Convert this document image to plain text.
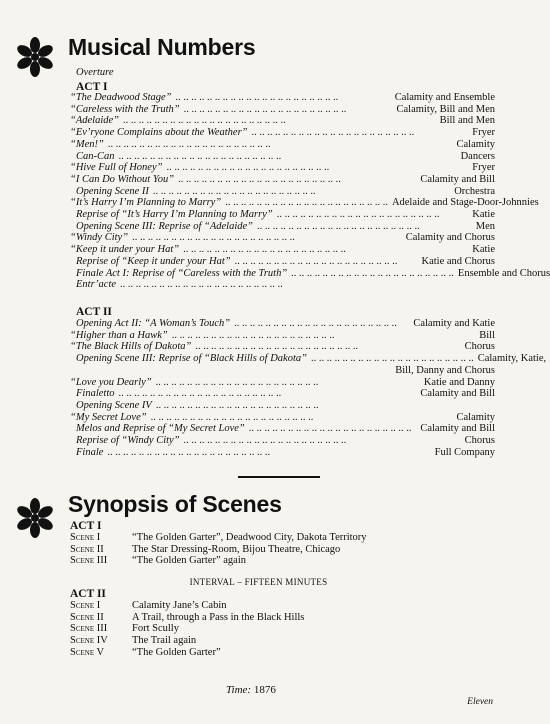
Musical Numbers
Overture
ACT I
“The Deadwood Stage” .. .. .. .. .. .. .. .. .. .. .. .. .. .. .. .. .. .. .. .. ..	Calamity and Ensemble
“Careless with the Truth” .. .. .. .. .. .. .. .. .. .. .. .. .. .. .. .. .. .. .. .. ..	Calamity, Bill and Men
“Adelaide” .. .. .. .. .. .. .. .. .. .. .. .. .. .. .. .. .. .. .. .. ..	Bill and Men
“Ev’ryone Complains about the Weather” .. .. .. .. .. .. .. .. .. .. .. .. .. .. .. .. .. .. .. .. ..	Fryer
“Men!” .. .. .. .. .. .. .. .. .. .. .. .. .. .. .. .. .. .. .. .. ..	Calamity
Can-Can .. .. .. .. .. .. .. .. .. .. .. .. .. .. .. .. .. .. .. .. ..	Dancers
“Hive Full of Honey” .. .. .. .. .. .. .. .. .. .. .. .. .. .. .. .. .. .. .. .. ..	Fryer
“I Can Do Without You” .. .. .. .. .. .. .. .. .. .. .. .. .. .. .. .. .. .. .. .. ..	Calamity and Bill
Opening Scene II .. .. .. .. .. .. .. .. .. .. .. .. .. .. .. .. .. .. .. .. ..	Orchestra
“It’s Harry I’m Planning to Marry” .. .. .. .. .. .. .. .. .. .. .. .. .. .. .. .. .. .. .. .. .. Adelaide and Stage-Door-Johnnies
Reprise of “It’s Harry I’m Planning to Marry” .. .. .. .. .. .. .. .. .. .. .. .. .. .. .. .. .. .. .. .. ..	Katie
Opening Scene III: Reprise of “Adelaide” .. .. .. .. .. .. .. .. .. .. .. .. .. .. .. .. .. .. .. .. ..	Men
“Windy City” .. .. .. .. .. .. .. .. .. .. .. .. .. .. .. .. .. .. .. .. ..	Calamity and Chorus
“Keep it under your Hat” .. .. .. .. .. .. .. .. .. .. .. .. .. .. .. .. .. .. .. .. ..	Katie
Reprise of “Keep it under your Hat” .. .. .. .. .. .. .. .. .. .. .. .. .. .. .. .. .. .. .. .. ..	Katie and Chorus
Finale Act I: Reprise of “Careless with the Truth” .. .. .. .. .. .. .. .. .. .. .. .. .. .. .. .. .. .. .. .. .. Ensemble and Chorus
Entr’acte .. .. .. .. .. .. .. .. .. .. .. .. .. .. .. .. .. .. .. .. ..
ACT II
Opening Act II: “A Woman’s Touch” .. .. .. .. .. .. .. .. .. .. .. .. .. .. .. .. .. .. .. .. ..	Calamity and Katie
“Higher than a Hawk” .. .. .. .. .. .. .. .. .. .. .. .. .. .. .. .. .. .. .. .. ..	Bill
“The Black Hills of Dakota” .. .. .. .. .. .. .. .. .. .. .. .. .. .. .. .. .. .. .. .. ..	Chorus
Opening Scene III: Reprise of “Black Hills of Dakota” .. .. .. .. .. .. .. .. .. .. .. .. .. .. .. .. .. .. .. .. .. Calamity, Katie,
Bill, Danny and Chorus
“Love you Dearly” .. .. .. .. .. .. .. .. .. .. .. .. .. .. .. .. .. .. .. .. ..	Katie and Danny
Finaletto .. .. .. .. .. .. .. .. .. .. .. .. .. .. .. .. .. .. .. .. ..	Calamity and Bill
Opening Scene IV .. .. .. .. .. .. .. .. .. .. .. .. .. .. .. .. .. .. .. .. ..
“My Secret Love” .. .. .. .. .. .. .. .. .. .. .. .. .. .. .. .. .. .. .. .. ..	Calamity
Melos and Reprise of “My Secret Love” .. .. .. .. .. .. .. .. .. .. .. .. .. .. .. .. .. .. .. .. .. Calamity and Bill
Reprise of “Windy City” .. .. .. .. .. .. .. .. .. .. .. .. .. .. .. .. .. .. .. .. ..	Chorus
Finale .. .. .. .. .. .. .. .. .. .. .. .. .. .. .. .. .. .. .. .. ..	Full Company
Synopsis of Scenes
ACT I
Scene I	“The Golden Garter”, Deadwood City, Dakota Territory
Scene II	The Star Dressing-Room, Bijou Theatre, Chicago
Scene III “The Golden Garter” again
INTERVAL – FIFTEEN MINUTES
ACT II
Scene I	Calamity Jane’s Cabin
Scene II	A Trail, through a Pass in the Black Hills
Scene III Fort Scully
Scene IV The Trail again
Scene V	“The Golden Garter”
Time: 1876
Eleven
